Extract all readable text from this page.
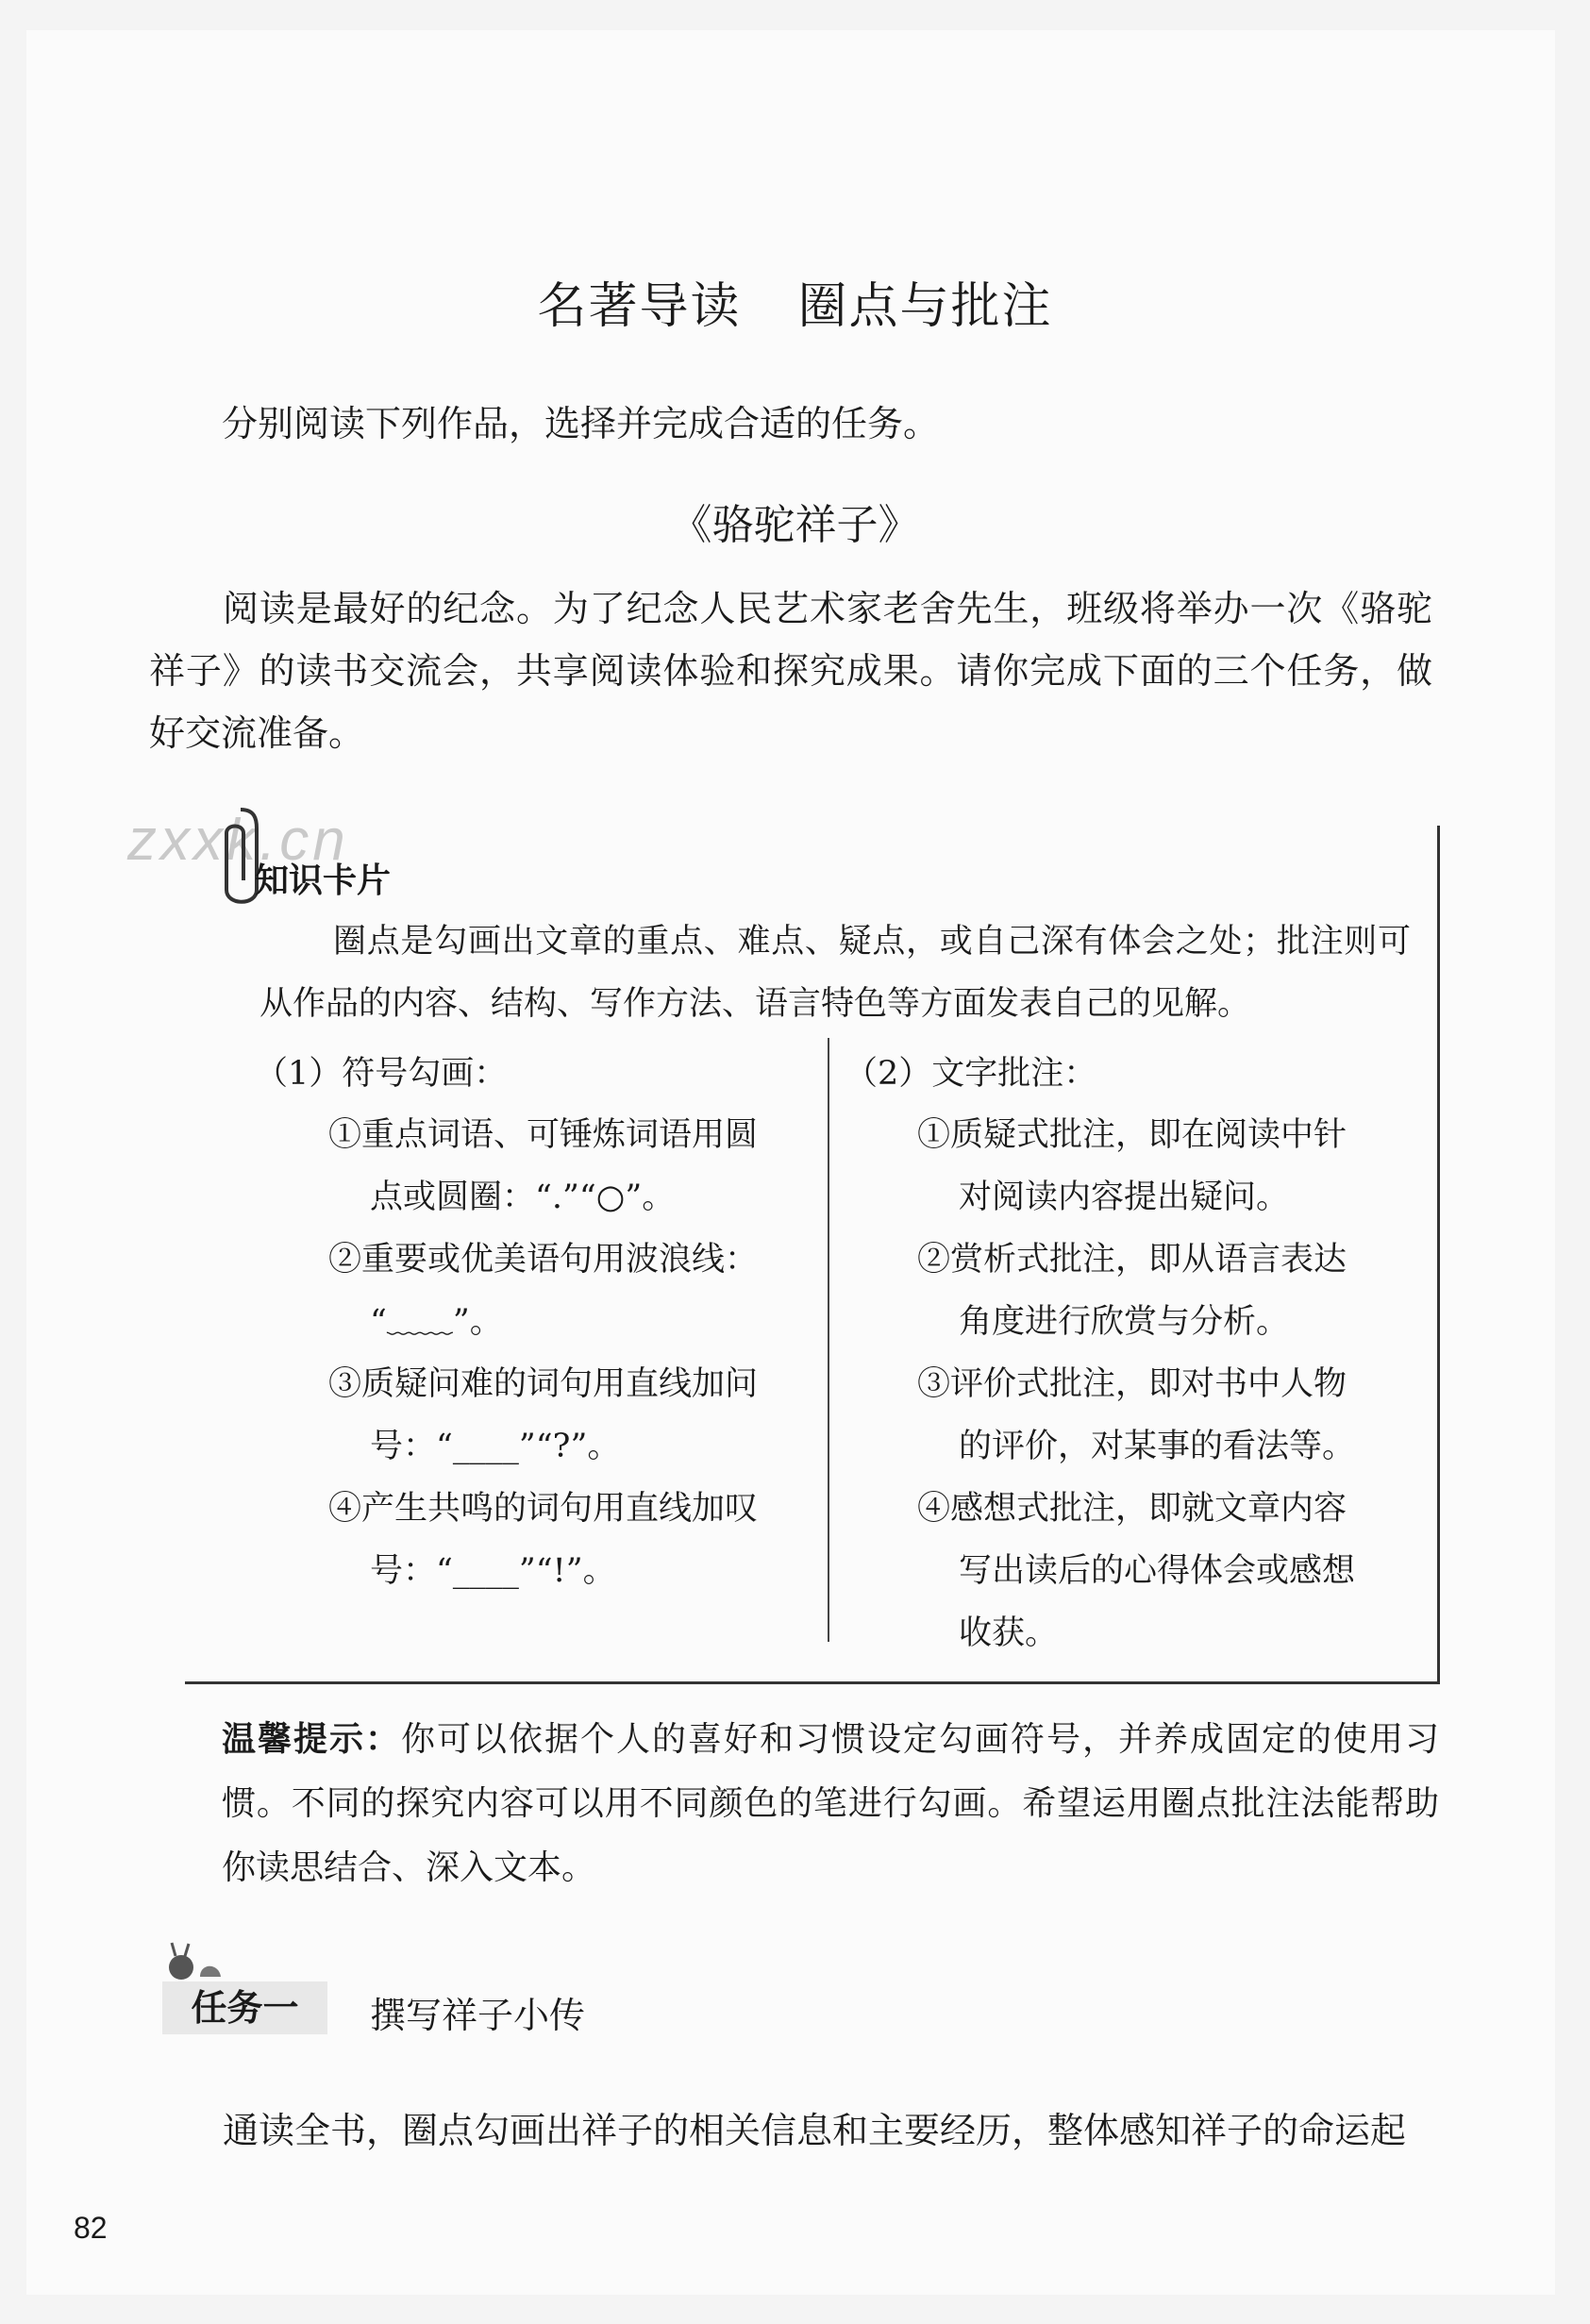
名著导读 圈点与批注
分别阅读下列作品，选择并完成合适的任务。
《骆驼祥子》
阅读是最好的纪念。为了纪念人民艺术家老舍先生，班级将举办一次《骆驼祥子》的读书交流会，共享阅读体验和探究成果。请你完成下面的三个任务，做好交流准备。
zxxk.cn
知识卡片
圈点是勾画出文章的重点、难点、疑点，或自己深有体会之处；批注则可从作品的内容、结构、写作方法、语言特色等方面发表自己的见解。
（1）符号勾画：
①重点词语、可锤炼词语用圆
点或圆圈：“.”“○”。
②重要或优美语句用波浪线：
“﹏﹏”。
③质疑问难的词句用直线加问
号：“____”“?”。
④产生共鸣的词句用直线加叹
号：“____”“!”。
（2）文字批注：
①质疑式批注，即在阅读中针
对阅读内容提出疑问。
②赏析式批注，即从语言表达
角度进行欣赏与分析。
③评价式批注，即对书中人物
的评价，对某事的看法等。
④感想式批注，即就文章内容
写出读后的心得体会或感想
收获。
温馨提示：你可以依据个人的喜好和习惯设定勾画符号，并养成固定的使用习惯。不同的探究内容可以用不同颜色的笔进行勾画。希望运用圈点批注法能帮助你读思结合、深入文本。
任务一	撰写祥子小传
通读全书，圈点勾画出祥子的相关信息和主要经历，整体感知祥子的命运起
82
